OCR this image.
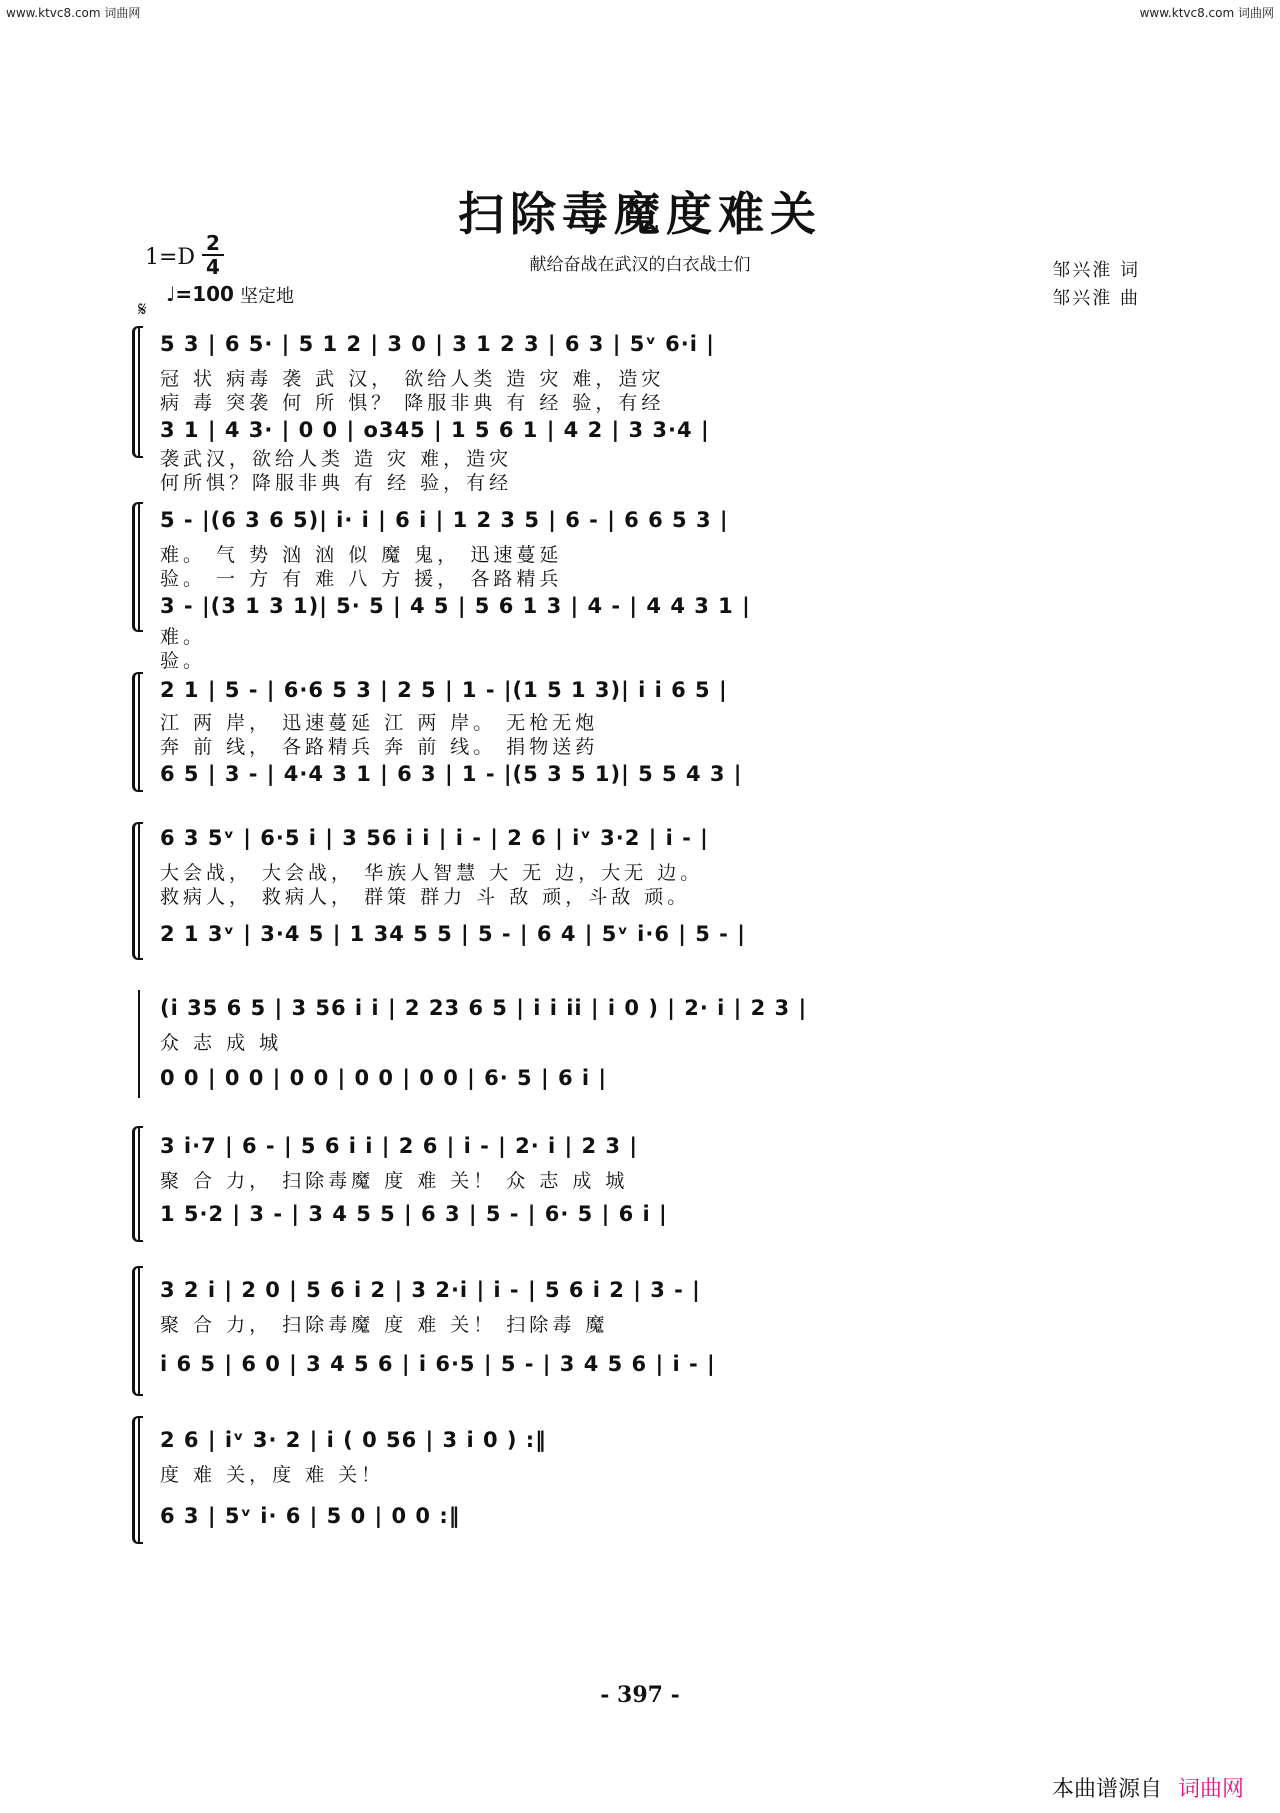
www.ktvc8.com 词曲网	www.ktvc8.com 词曲网
扫除毒魔度难关
献给奋战在武汉的白衣战士们
1=D
2
4
♩=100 坚定地
𝄋
邹兴淮 词
邹兴淮 曲
5 3 | 6 5· | 5 1 2 | 3 0 | 3 1 2 3 | 6 3 | 5ᵛ 6·i |
冠 状 病毒 袭 武 汉， 欲给人类 造 灾 难，造灾
病 毒 突袭 何 所 惧？ 降服非典 有 经 验，有经
3 1 | 4 3· | 0 0 | o345 | 1 5 6 1 | 4 2 | 3 3·4 |
袭武汉，欲给人类 造 灾 难，造灾
何所惧？降服非典 有 经 验，有经
5 - |(6 3 6 5)| i· i | 6 i | 1 2 3 5 | 6 - | 6 6 5 3 |
难。 气 势 汹 汹 似 魔 鬼， 迅速蔓延
验。 一 方 有 难 八 方 援， 各路精兵
3 - |(3 1 3 1)| 5· 5 | 4 5 | 5 6 1 3 | 4 - | 4 4 3 1 |
难。
验。
2 1 | 5 - | 6·6 5 3 | 2 5 | 1 - |(1 5 1 3)| i i 6 5 |
江 两 岸， 迅速蔓延 江 两 岸。 无枪无炮
奔 前 线， 各路精兵 奔 前 线。 捐物送药
6 5 | 3 - | 4·4 3 1 | 6 3 | 1 - |(5 3 5 1)| 5 5 4 3 |
6 3 5ᵛ | 6·5 i | 3 56 i i | i - | 2 6 | iᵛ 3·2 | i - |
大会战， 大会战， 华族人智慧 大 无 边，大无 边。
救病人， 救病人， 群策 群力 斗 敌 顽，斗敌 顽。
2 1 3ᵛ | 3·4 5 | 1 34 5 5 | 5 - | 6 4 | 5ᵛ i·6 | 5 - |
(i 35 6 5 | 3 56 i i | 2 23 6 5 | i i ii | i 0 ) | 2· i | 2 3 |
众 志 成 城
0 0 | 0 0 | 0 0 | 0 0 | 0 0 | 6· 5 | 6 i |
3 i·7 | 6 - | 5 6 i i | 2 6 | i - | 2· i | 2 3 |
聚 合 力， 扫除毒魔 度 难 关！ 众 志 成 城
1 5·2 | 3 - | 3 4 5 5 | 6 3 | 5 - | 6· 5 | 6 i |
3 2 i | 2 0 | 5 6 i 2 | 3 2·i | i - | 5 6 i 2 | 3 - |
聚 合 力， 扫除毒魔 度 难 关！ 扫除毒 魔
i 6 5 | 6 0 | 3 4 5 6 | i 6·5 | 5 - | 3 4 5 6 | i - |
2 6 | iᵛ 3· 2 | i ( 0 56 | 3 i 0 ) :‖
度 难 关，度 难 关！
6 3 | 5ᵛ i· 6 | 5 0 | 0 0 :‖
- 397 -
本曲谱源自 词曲网
